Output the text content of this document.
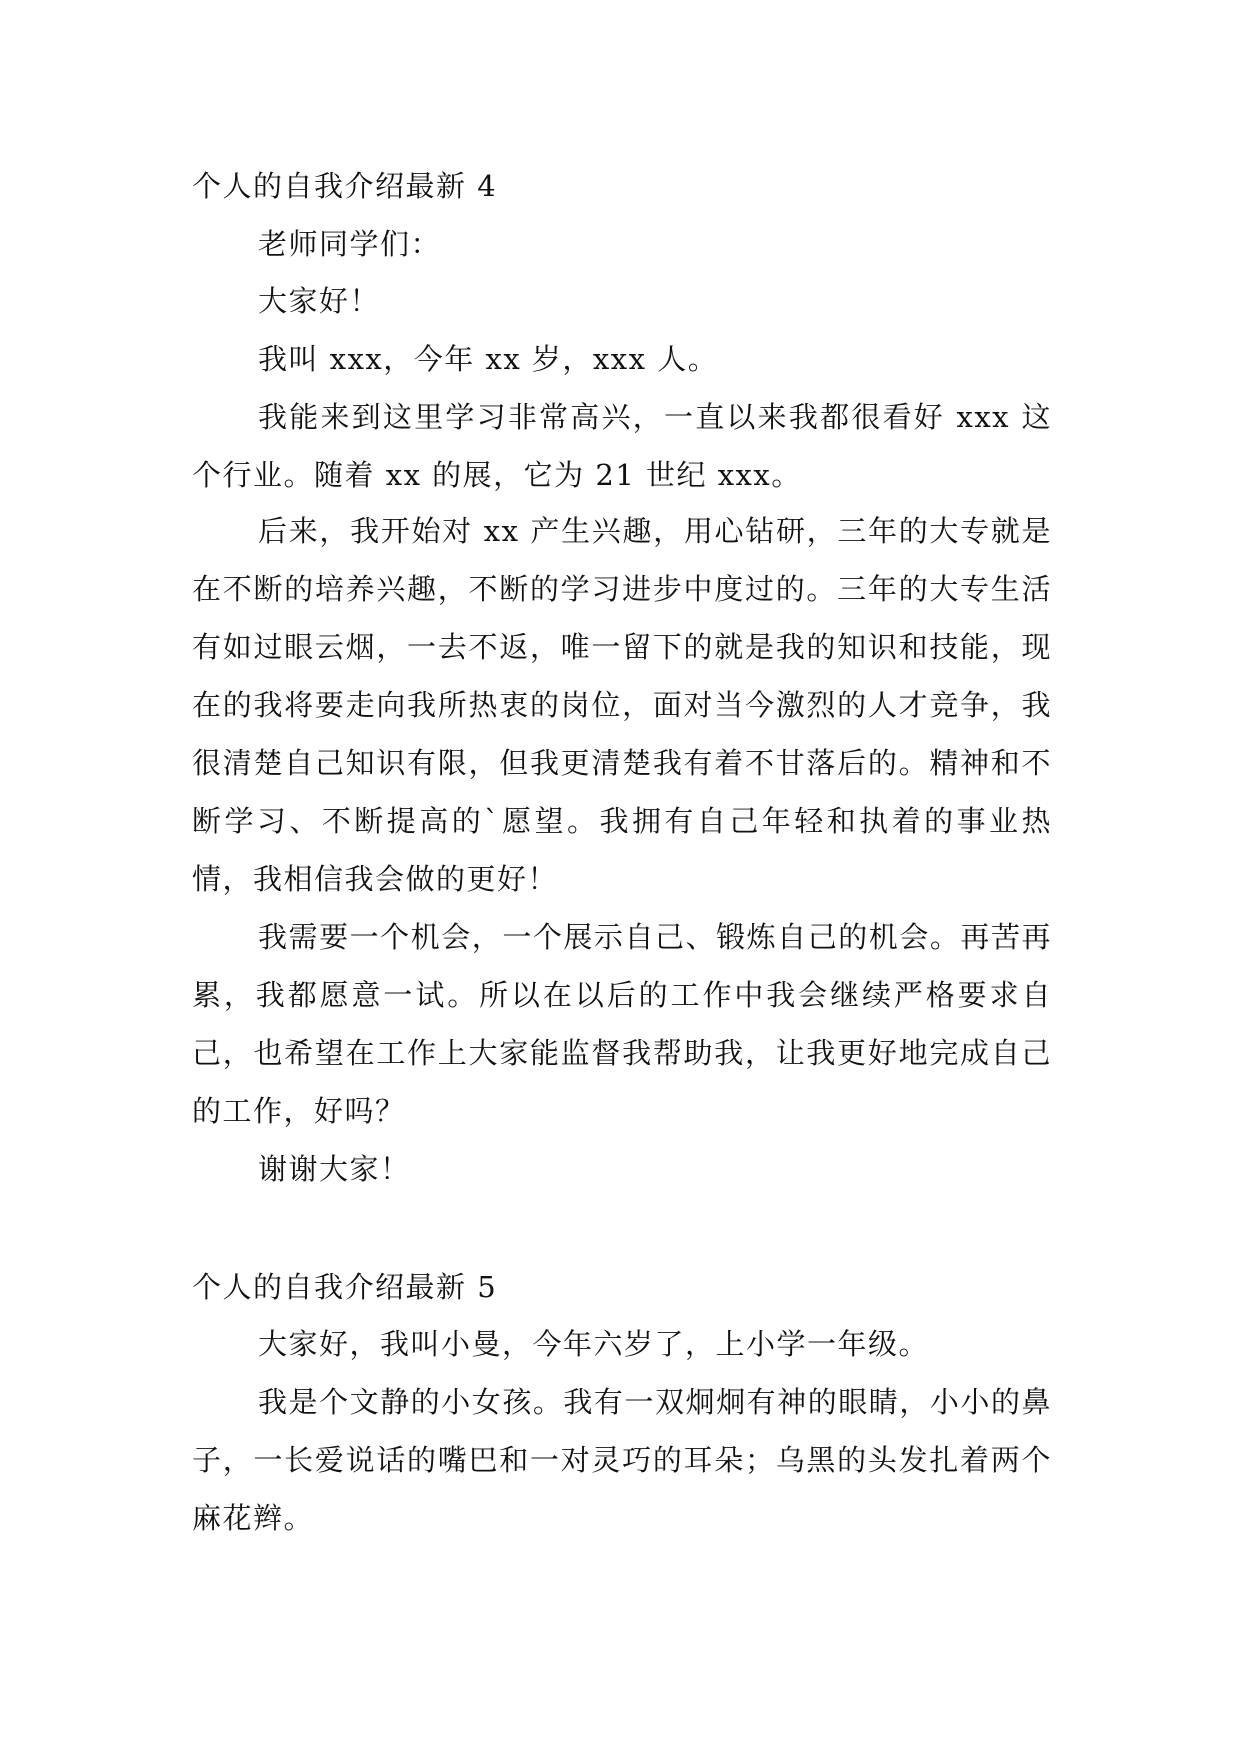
个人的自我介绍最新 4

老师同学们：

大家好！

我叫 xxx，今年 xx 岁，xxx 人。

我能来到这里学习非常高兴，一直以来我都很看好 xxx 这个行业。随着 xx 的展，它为 21 世纪 xxx。

后来，我开始对 xx 产生兴趣，用心钻研，三年的大专就是在不断的培养兴趣，不断的学习进步中度过的。三年的大专生活有如过眼云烟，一去不返，唯一留下的就是我的知识和技能，现在的我将要走向我所热衷的岗位，面对当今激烈的人才竞争，我很清楚自己知识有限，但我更清楚我有着不甘落后的。精神和不断学习、不断提高的`愿望。我拥有自己年轻和执着的事业热情，我相信我会做的更好！

我需要一个机会，一个展示自己、锻炼自己的机会。再苦再累，我都愿意一试。所以在以后的工作中我会继续严格要求自己，也希望在工作上大家能监督我帮助我，让我更好地完成自己的工作，好吗？

谢谢大家！

个人的自我介绍最新 5

大家好，我叫小曼，今年六岁了，上小学一年级。

我是个文静的小女孩。我有一双炯炯有神的眼睛，小小的鼻子，一长爱说话的嘴巴和一对灵巧的耳朵；乌黑的头发扎着两个麻花辫。
